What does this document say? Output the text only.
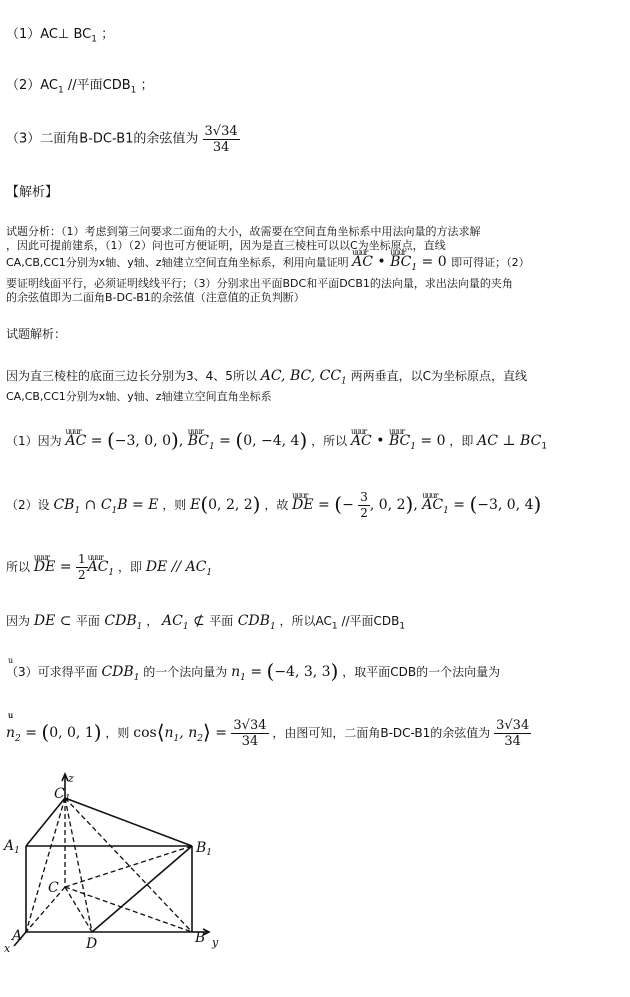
（1）AC⊥ $BC_1$ ；
$(2)AC_1$ //平面$CDB_1$ ；
（3）二面角B-DC-B1的余弦值为 $\frac{3√34}{34}$
【解析】
试题分析：（1）考虑到第三问要求二面角的大小，故需要在空间直角坐标系中用法向量的方法求解
，因此可提前建系，（1）（2）问也可方便证明，因为是直三棱柱可以以C为坐标原点，直线
CA,CB,CC1分别为x轴、y轴、z轴建立空间直角坐标系，利用向量证明 uuur AC • uuur $BC_1 = 0$ 即可得证；（2）
要证明线面平行，必须证明线线平行；（3）分别求出平面BDC和平面DCB1的法向量，求出法向量的夹角
的余弦值即为二面角B-DC-B1的余弦值（注意值的正负判断）
试题解析：
因为直三棱柱的底面三边长分别为3、4、5所以 AC, BC, $CC_1$ 两两垂直，以C为坐标原点，直线
CA,CB,CC1分别为x轴、y轴、z轴建立空间直角坐标系
（1）因为 uuur AC = (−3, 0, 0), uuur $BC_1 = (0$, −4, 4) ，所以 uuur AC • uuur $BC_1 = 0$ ，即 AC ⊥ $BC_1$
（2）设 $CB_1$ ∩ $C_1B = E$ ，则 E(0, 2, 2) ，故 uuur DE = (− $\frac{3}{2}$ , 0, 2), uuur $AC_1 = (-3$, 0, 4)
所以 uuur DE = $\frac{1}{2}$ uuur $AC_1$ ，即 DE // $AC_1$
因为 DE ⊂ 平面 $CDB_1$ ， $AC_1$ ⊄ 平面 $CDB_1$ ，所以$AC_1$ //平面$CDB_1$
（3）可求得平面 $CDB_1$ 的一个法向量为 u $n_1 = (-4$, 3, 3) ，取平面CDB的一个法向量为
u $n_2 = (0$, 0, 1) ，则 cos⟨u $n_1$, u $n_2⟩ = \frac{3√34}{34}$ ，由图可知，二面角B-DC-B1的余弦值为 $\frac{3√34}{34}$
z
$C_1$
$A_1$	$B_1$
C
A	D	B
x	y
